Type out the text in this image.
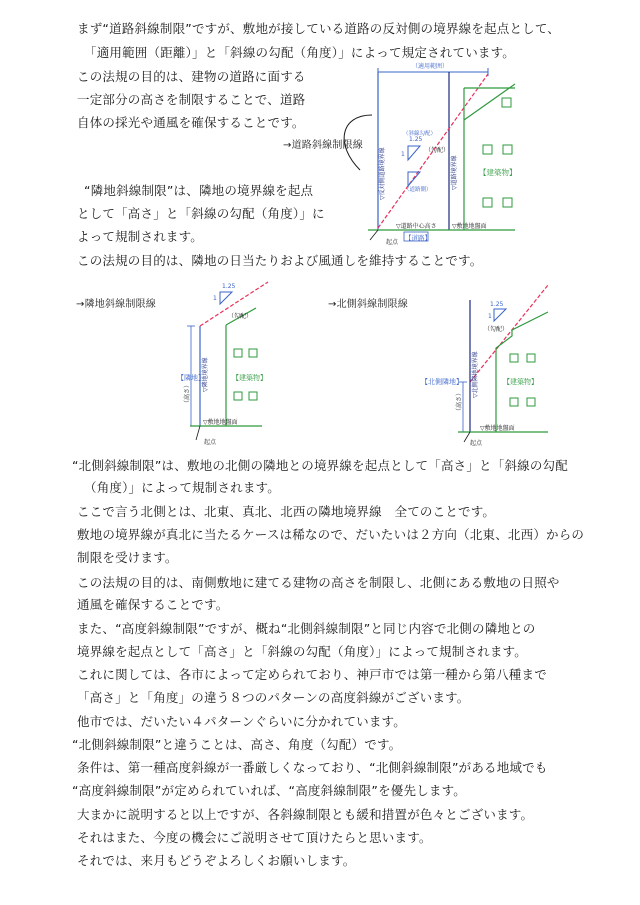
まず“道路斜線制限”ですが、敷地が接している道路の反対側の境界線を起点として、
「適用範囲（距離）」と「斜線の勾配（角度）」によって規定されています。
この法規の目的は、建物の道路に面する
一定部分の高さを制限することで、道路
自体の採光や通風を確保することです。
（適用範囲）
（斜線勾配）
1.25
（勾配）
1
（道路側）
▽反対側道路境界線	▽道路境界線	【建築物】
▽道路中心高さ	▽敷地地盤面
【道路】
起点
→道路斜線制限線
“隣地斜線制限”は、隣地の境界線を起点
として「高さ」と「斜線の勾配（角度）」に
よって規制されます。
この法規の目的は、隣地の日当たりおよび風通しを維持することです。
→隣地斜線制限線
1.25
（勾配）
1
【隣地】
（高さ）
▽隣地境界線	【建築物】
▽敷地地盤面
起点
→北側斜線制限線	1.25
（勾配）
1
【北側隣地】
（高さ）
▽北側隣地境界線	【建築物】
▽敷地地盤面
起点
“北側斜線制限”は、敷地の北側の隣地との境界線を起点として「高さ」と「斜線の勾配
（角度）」によって規制されます。
ここで言う北側とは、北東、真北、北西の隣地境界線　全てのことです。
敷地の境界線が真北に当たるケースは稀なので、だいたいは２方向（北東、北西）からの
制限を受けます。
この法規の目的は、南側敷地に建てる建物の高さを制限し、北側にある敷地の日照や
通風を確保することです。
また、“高度斜線制限”ですが、概ね“北側斜線制限”と同じ内容で北側の隣地との
境界線を起点として「高さ」と「斜線の勾配（角度）」によって規制されます。
これに関しては、各市によって定められており、神戸市では第一種から第八種まで
「高さ」と「角度」の違う８つのパターンの高度斜線がございます。
他市では、だいたい４パターンぐらいに分かれています。
“北側斜線制限”と違うことは、高さ、角度（勾配）です。
条件は、第一種高度斜線が一番厳しくなっており、“北側斜線制限”がある地域でも
“高度斜線制限”が定められていれば、“高度斜線制限”を優先します。
大まかに説明すると以上ですが、各斜線制限とも緩和措置が色々とございます。
それはまた、今度の機会にご説明させて頂けたらと思います。
それでは、来月もどうぞよろしくお願いします。
